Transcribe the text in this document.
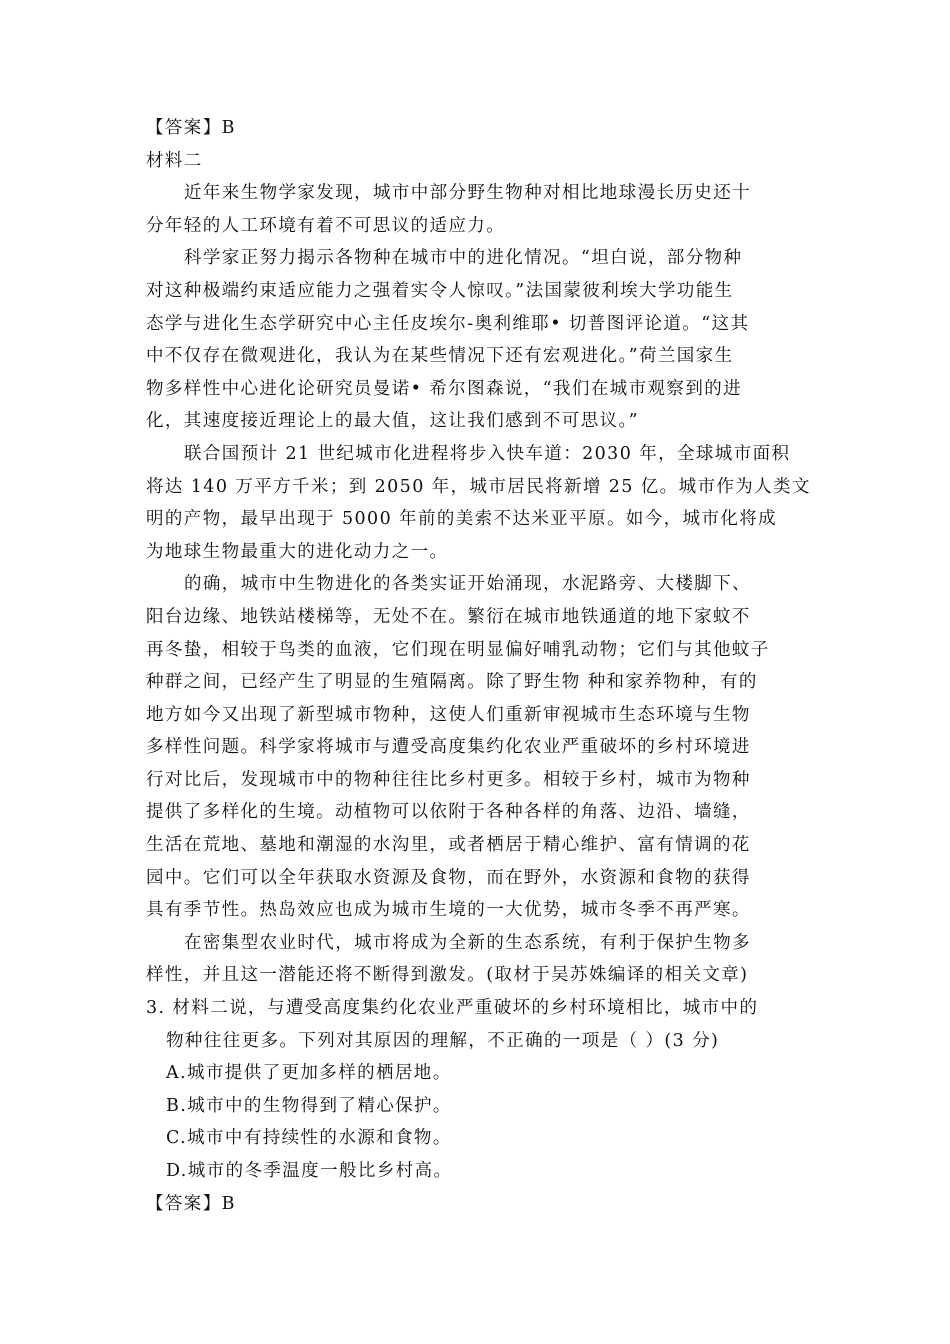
【答案】B
材料二
近年来生物学家发现，城市中部分野生物种对相比地球漫长历史还十
分年轻的人工环境有着不可思议的适应力。
科学家正努力揭示各物种在城市中的进化情况。“坦白说，部分物种
对这种极端约束适应能力之强着实令人惊叹。”法国蒙彼利埃大学功能生
态学与进化生态学研究中心主任皮埃尔-奥利维耶• 切普图评论道。“这其
中不仅存在微观进化，我认为在某些情况下还有宏观进化。”荷兰国家生
物多样性中心进化论研究员曼诺• 希尔图森说，“我们在城市观察到的进
化，其速度接近理论上的最大值，这让我们感到不可思议。”
联合国预计 21 世纪城市化进程将步入快车道：2030 年，全球城市面积
将达 140 万平方千米；到 2050 年，城市居民将新增 25 亿。城市作为人类文
明的产物，最早出现于 5000 年前的美索不达米亚平原。如今，城市化将成
为地球生物最重大的进化动力之一。
的确，城市中生物进化的各类实证开始涌现，水泥路旁、大楼脚下、
阳台边缘、地铁站楼梯等，无处不在。繁衍在城市地铁通道的地下家蚊不
再冬蛰，相较于鸟类的血液，它们现在明显偏好哺乳动物；它们与其他蚊子
种群之间，已经产生了明显的生殖隔离。除了野生物 种和家养物种，有的
地方如今又出现了新型城市物种，这使人们重新审视城市生态环境与生物
多样性问题。科学家将城市与遭受高度集约化农业严重破坏的乡村环境进
行对比后，发现城市中的物种往往比乡村更多。相较于乡村，城市为物种
提供了多样化的生境。动植物可以依附于各种各样的角落、边沿、墙缝，
生活在荒地、墓地和潮湿的水沟里，或者栖居于精心维护、富有情调的花
园中。它们可以全年获取水资源及食物，而在野外，水资源和食物的获得
具有季节性。热岛效应也成为城市生境的一大优势，城市冬季不再严寒。
在密集型农业时代，城市将成为全新的生态系统，有利于保护生物多
样性，并且这一潜能还将不断得到激发。(取材于吴苏姝编译的相关文章)
3. 材料二说，与遭受高度集约化农业严重破坏的乡村环境相比，城市中的
物种往往更多。下列对其原因的理解，不正确的一项是（ ）(3 分)
A.城市提供了更加多样的栖居地。
B.城市中的生物得到了精心保护。
C.城市中有持续性的水源和食物。
D.城市的冬季温度一般比乡村高。
【答案】B
